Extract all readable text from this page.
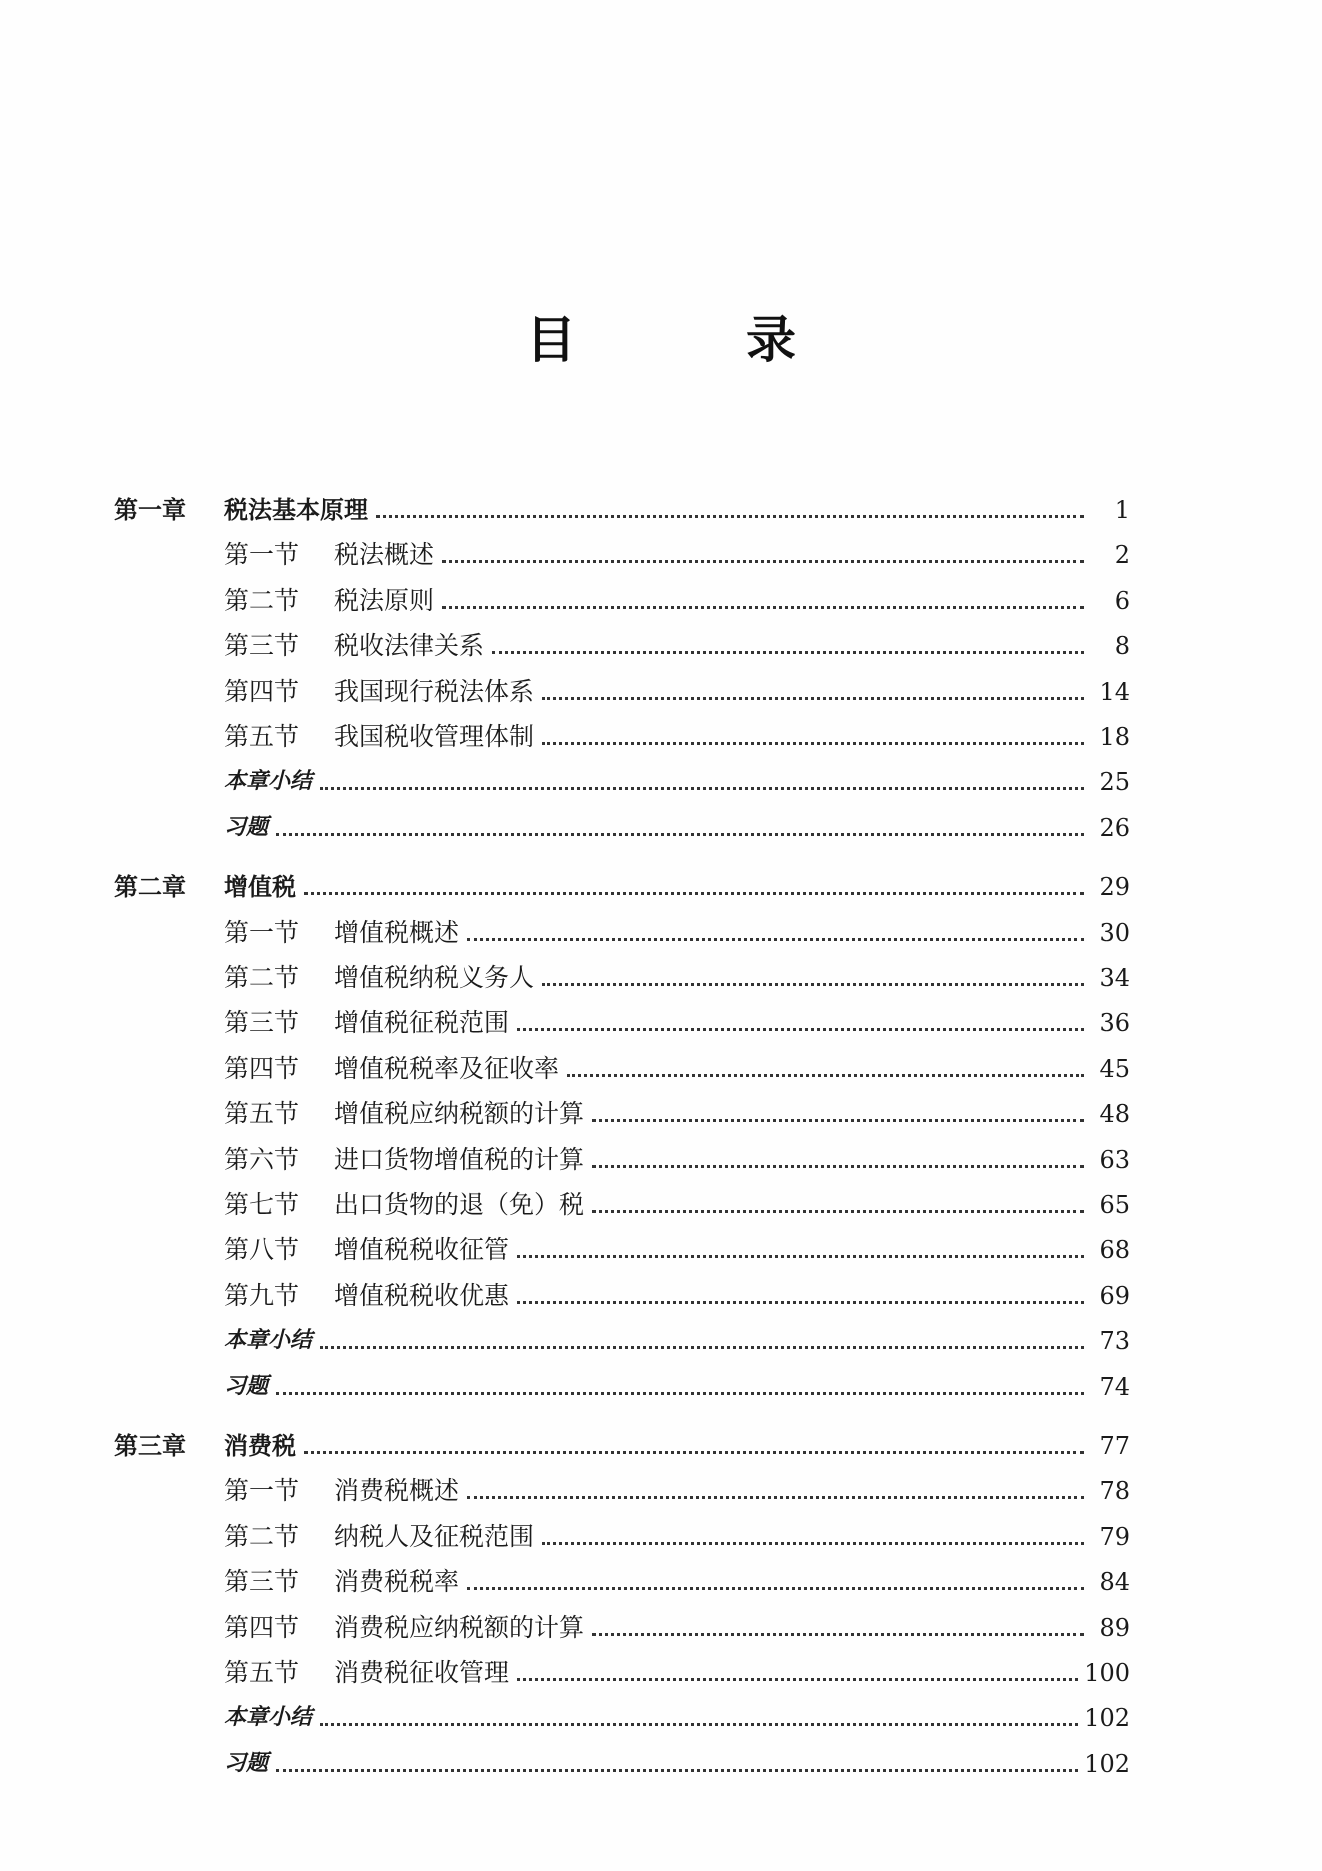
目　录
第一章	税法基本原理	1
第一节	税法概述	2
第二节	税法原则	6
第三节	税收法律关系	8
第四节	我国现行税法体系	14
第五节	我国税收管理体制	18
本章小结	25
习题	26
第二章	增值税	29
第一节	增值税概述	30
第二节	增值税纳税义务人	34
第三节	增值税征税范围	36
第四节	增值税税率及征收率	45
第五节	增值税应纳税额的计算	48
第六节	进口货物增值税的计算	63
第七节	出口货物的退（免）税	65
第八节	增值税税收征管	68
第九节	增值税税收优惠	69
本章小结	73
习题	74
第三章	消费税	77
第一节	消费税概述	78
第二节	纳税人及征税范围	79
第三节	消费税税率	84
第四节	消费税应纳税额的计算	89
第五节	消费税征收管理	100
本章小结	102
习题	102
